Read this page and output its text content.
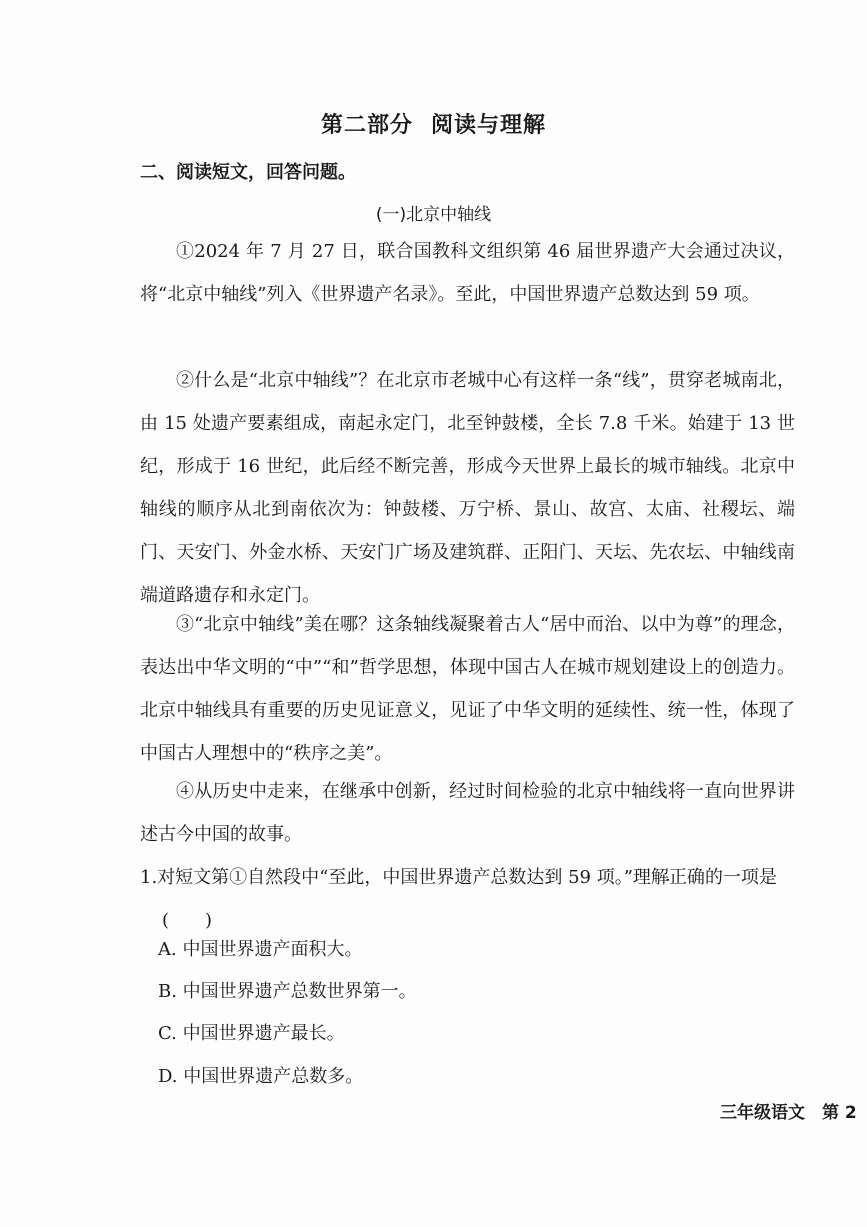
第二部分 阅读与理解
二、阅读短文，回答问题。
(一)北京中轴线

①2024 年 7 月 27 日，联合国教科文组织第 46 届世界遗产大会通过决议，将“北京中轴线”列入《世界遗产名录》。至此，中国世界遗产总数达到 59 项。

②什么是“北京中轴线”？在北京市老城中心有这样一条“线”，贯穿老城南北，由 15 处遗产要素组成，南起永定门，北至钟鼓楼，全长 7.8 千米。始建于 13 世纪，形成于 16 世纪，此后经不断完善，形成今天世界上最长的城市轴线。北京中轴线的顺序从北到南依次为：钟鼓楼、万宁桥、景山、故宫、太庙、社稷坛、端门、天安门、外金水桥、天安门广场及建筑群、正阳门、天坛、先农坛、中轴线南端道路遗存和永定门。

③“北京中轴线”美在哪？这条轴线凝聚着古人“居中而治、以中为尊”的理念，表达出中华文明的“中”“和”哲学思想，体现中国古人在城市规划建设上的创造力。北京中轴线具有重要的历史见证意义，见证了中华文明的延续性、统一性，体现了中国古人理想中的“秩序之美”。

④从历史中走来，在继承中创新，经过时间检验的北京中轴线将一直向世界讲述古今中国的故事。

1.对短文第①自然段中“至此，中国世界遗产总数达到 59 项。”理解正确 ·的一项是(　　)

A. 中国世界遗产面积大。
B. 中国世界遗产总数世界第一。
C. 中国世界遗产最长。
D. 中国世界遗产总数多。
三年级语文　第 2
